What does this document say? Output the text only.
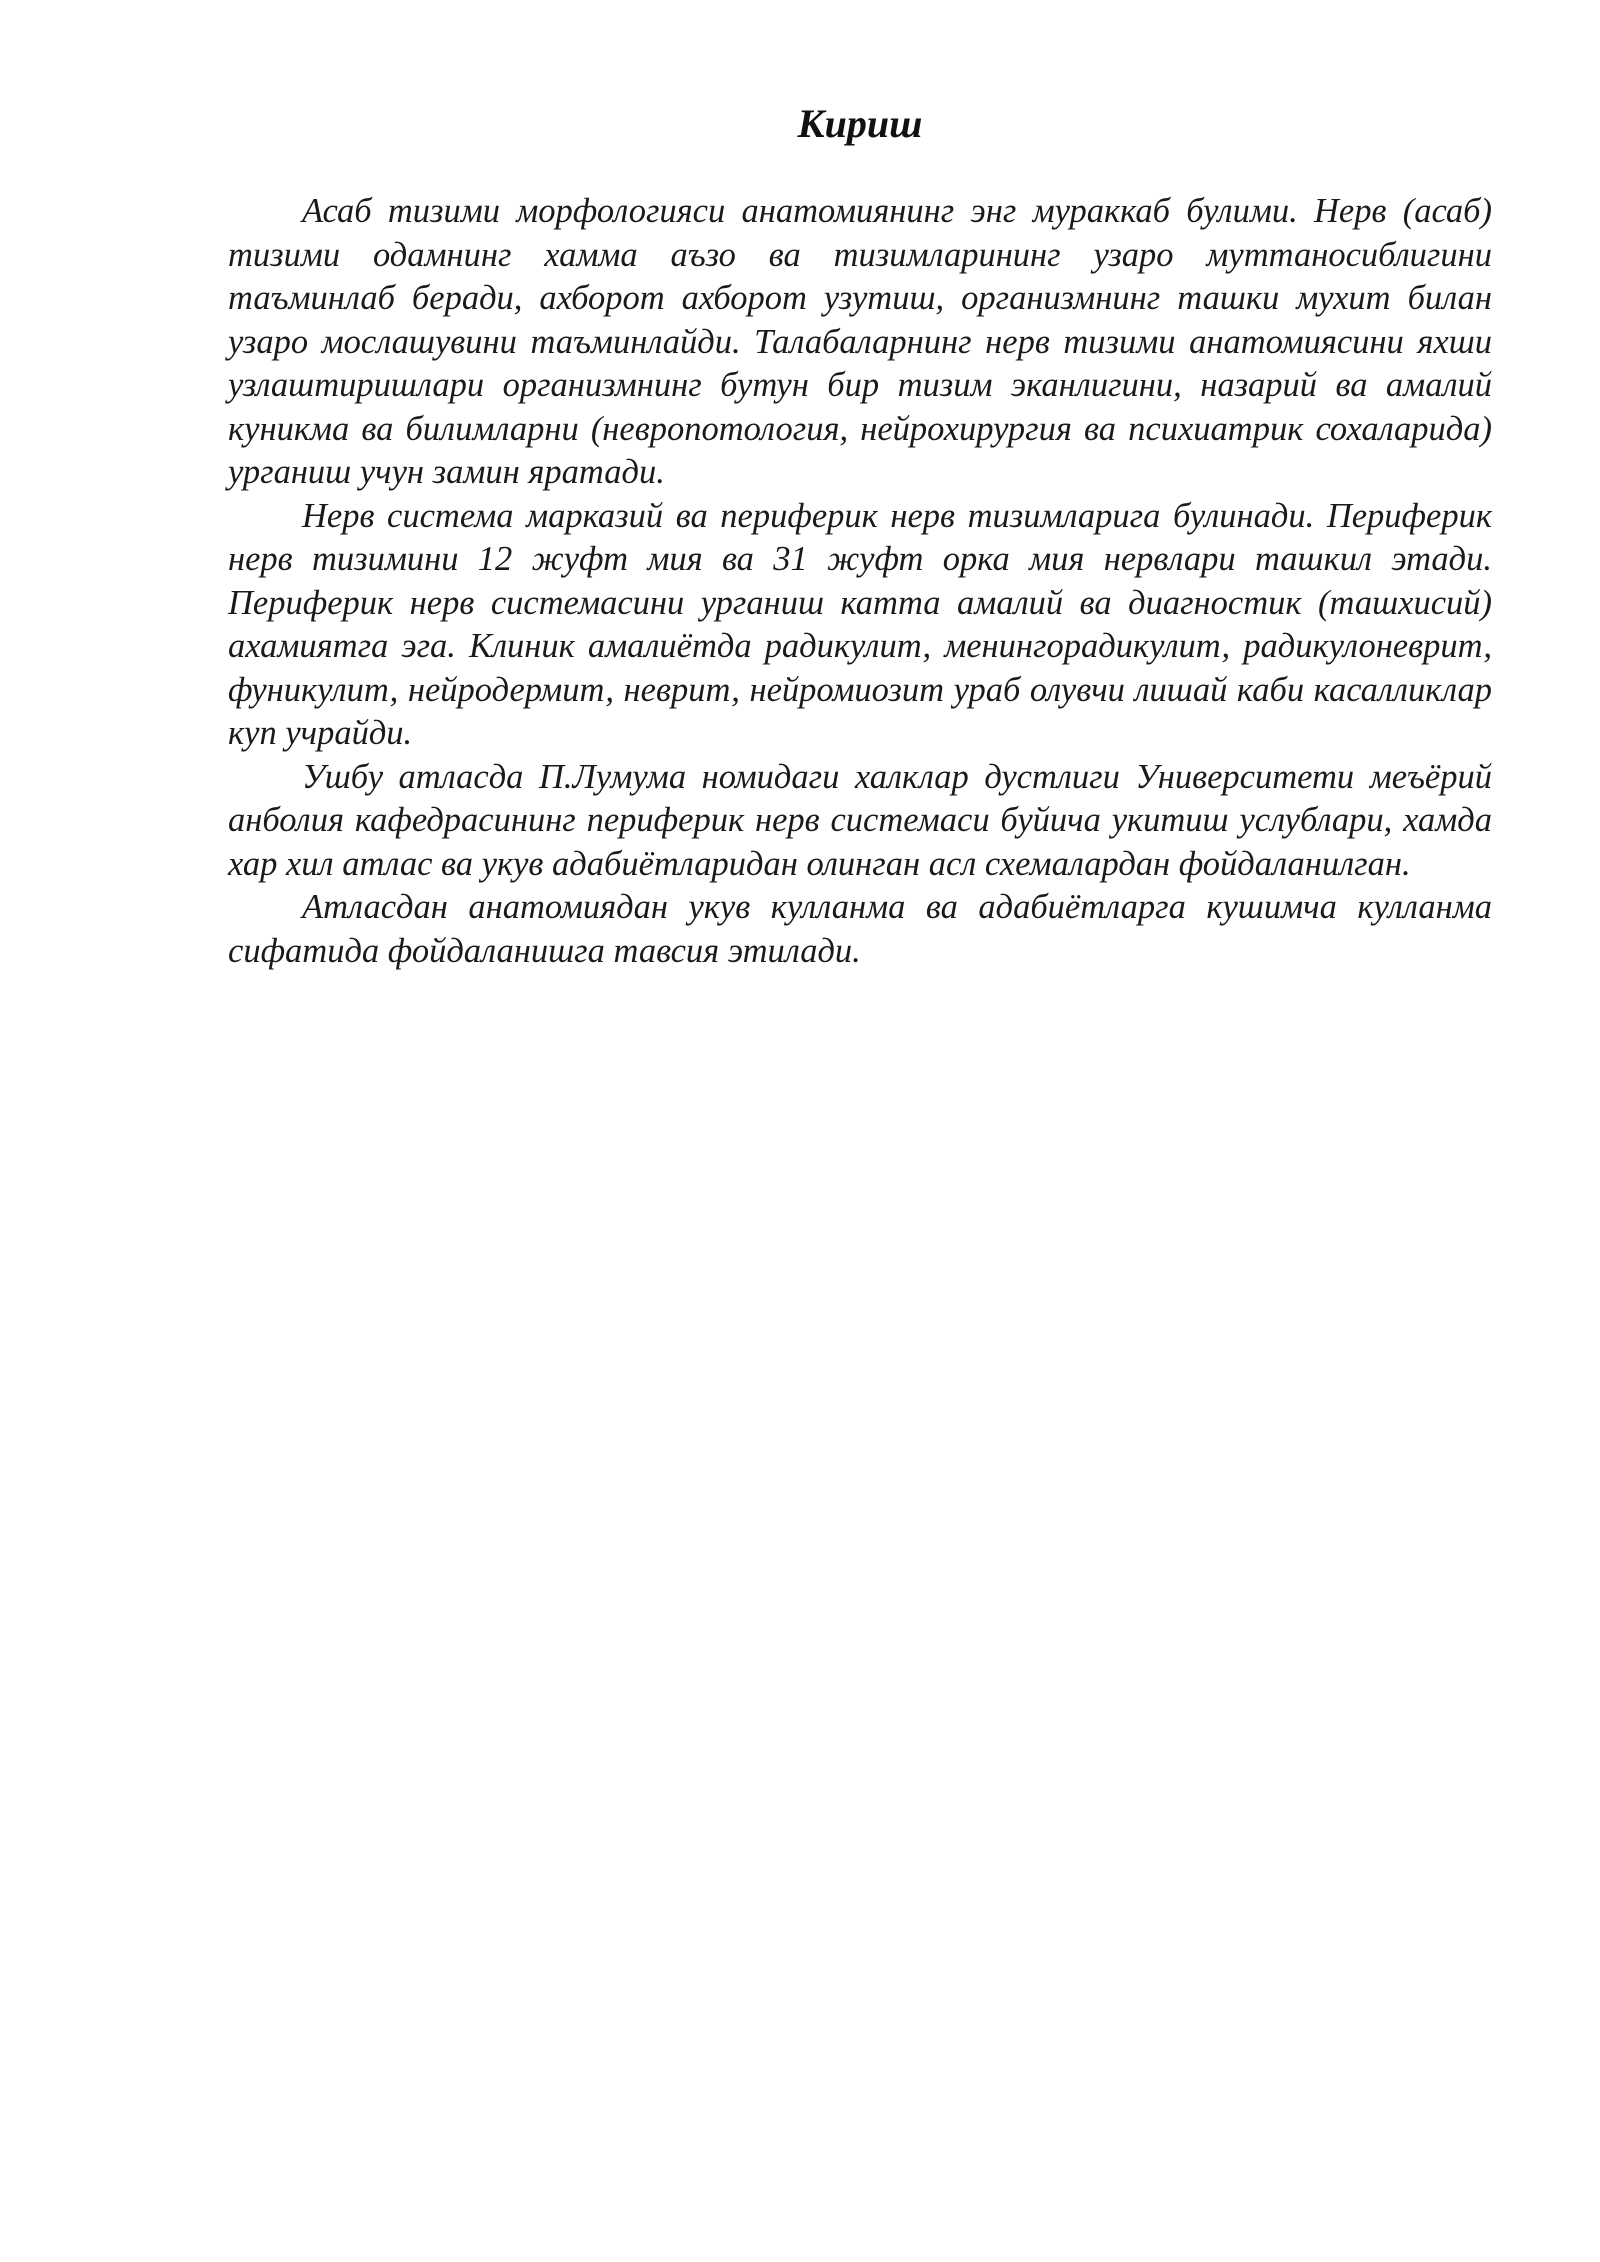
Кириш

Асаб тизими морфологияси анатомиянинг энг мураккаб булими. Нерв (асаб) тизими одамнинг хамма аъзо ва тизимларининг узаро муттаносиблигини таъминлаб беради, ахборот ахборот узутиш, организмнинг ташки мухит билан узаро мослашувини таъминлайди. Талабаларнинг нерв тизими анатомиясини яхши узлаштиришлари организмнинг бутун бир тизим эканлигини, назарий ва амалий куникма ва билимларни (невропотология, нейрохирургия ва психиатрик сохаларида) урганиш учун замин яратади.

Нерв система марказий ва периферик нерв тизимларига булинади. Периферик нерв тизимини 12 жуфт мия ва 31 жуфт орка мия нервлари ташкил этади. Периферик нерв системасини урганиш катта амалий ва диагностик (ташхисий) ахамиятга эга. Клиник амалиётда радикулит, менингорадикулит, радикулоневрит, фуникулит, нейродермит, неврит, нейромиозит ураб олувчи лишай каби касалликлар куп учрайди.

Ушбу атласда П.Лумума номидаги халклар дустлиги Университети меъёрий анболия кафедрасининг периферик нерв системаси буйича укитиш услублари, хамда хар хил атлас ва укув адабиётларидан олинган асл схемалардан фойдаланилган.

Атласдан анатомиядан укув кулланма ва адабиётларга кушимча кулланма сифатида фойдаланишга тавсия этилади.
